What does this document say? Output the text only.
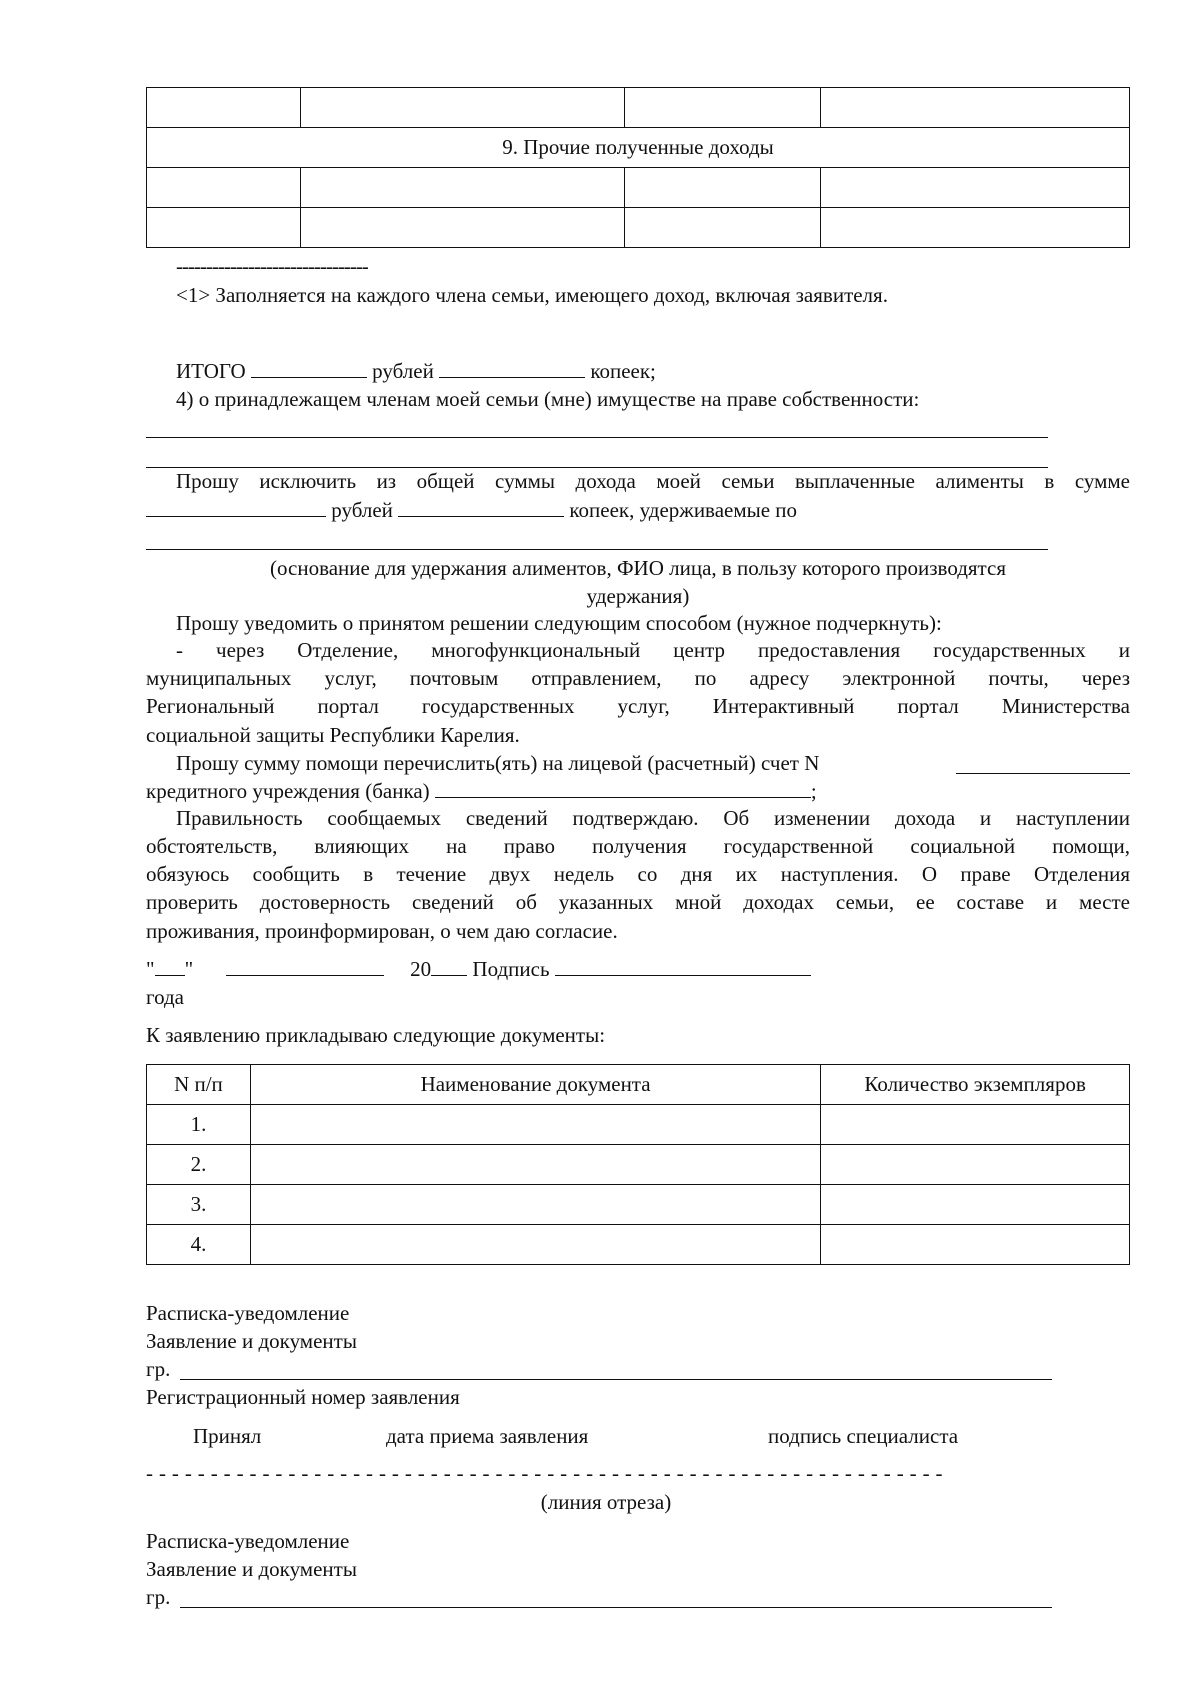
9. Прочие полученные доходы			

--------------------------------
<1> Заполняется на каждого члена семьи, имеющего доход, включая заявителя.
ИТОГО	рублей	копеек;
4) о принадлежащем членам моей семьи (мне) имуществе на праве собственности:
Прошу исключить из общей суммы дохода моей семьи выплаченные алименты в сумме
рублей	копеек, удерживаемые по
(основание для удержания алиментов, ФИО лица, в пользу которого производятся
удержания)
Прошу уведомить о принятом решении следующим способом (нужное подчеркнуть):
- через Отделение, многофункциональный центр предоставления государственных и
муниципальных услуг, почтовым отправлением, по адресу электронной почты, через
Региональный портал государственных услуг, Интерактивный портал Министерства
социальной защиты Республики Карелия.
Прошу сумму помощи перечислить(ять) на лицевой (расчетный) счет N
кредитного учреждения (банка)	;
Правильность сообщаемых сведений подтверждаю. Об изменении дохода и наступлении
обстоятельств, влияющих на право получения государственной социальной помощи,
обязуюсь сообщить в течение двух недель со дня их наступления. О праве Отделения
проверить достоверность сведений об указанных мной доходах семьи, ее составе и месте
проживания, проинформирован, о чем даю согласие.
" "	20 Подпись
года
К заявлению прикладываю следующие документы:
N п/п	Наименование документа	Количество экземпляров
1.		
2.		
3.		
4.		
Расписка-уведомление
Заявление и документы
гр.
Регистрационный номер заявления
Принял	дата приема заявления	подпись специалиста
- - - - - - - - - - - - - - - - - - - - - - - - - - - - - - - - - - - - - - - - - - - - - - - - - - - - - - - - - - - - - -
(линия отреза)
Расписка-уведомление
Заявление и документы
гр.
